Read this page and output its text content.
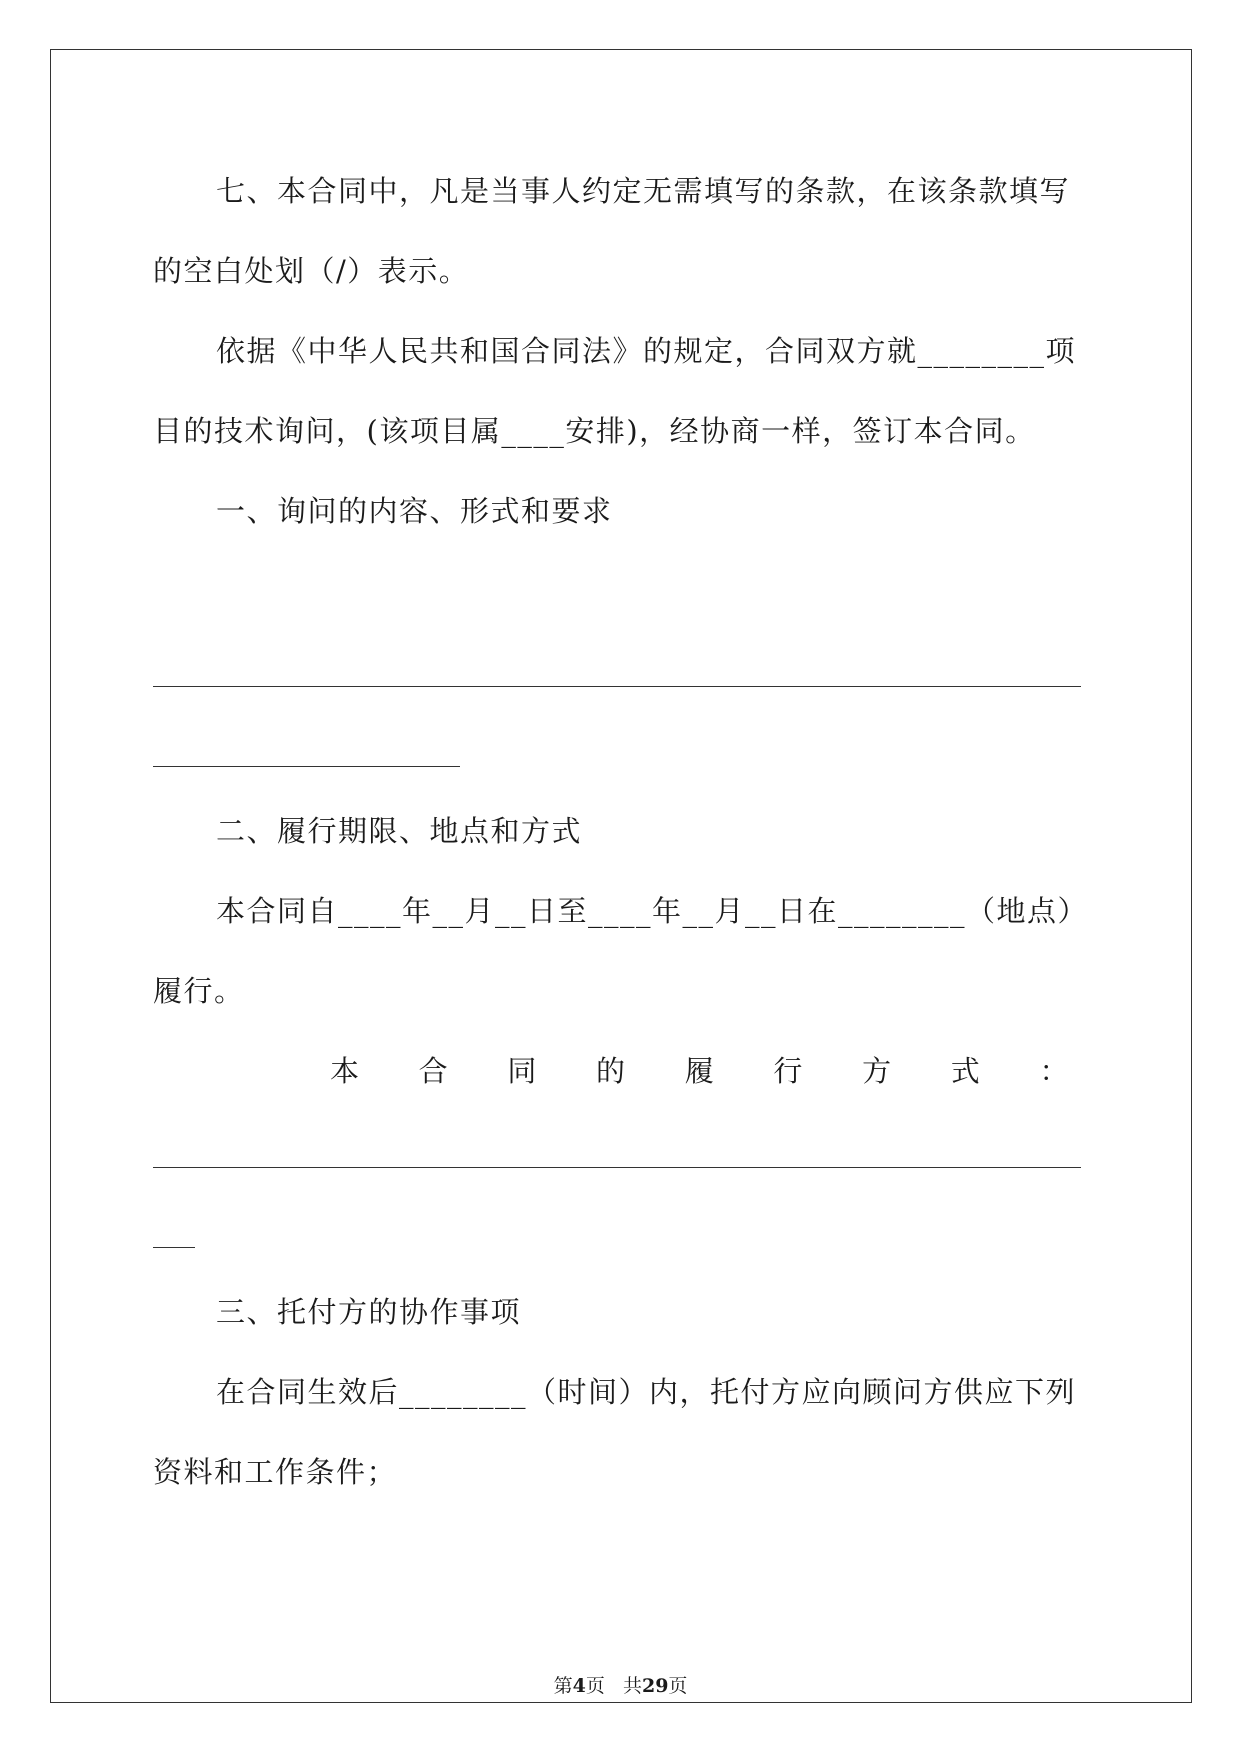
七、本合同中，凡是当事人约定无需填写的条款，在该条款填写
的空白处划（/）表示。
依据《中华人民共和国合同法》的规定，合同双方就________项
目的技术询问，(该项目属____安排)，经协商一样，签订本合同。
一、询问的内容、形式和要求
二、履行期限、地点和方式
本合同自____年__月__日至____年__月__日在________（地点）
履行。
本合同的履行方式：
三、托付方的协作事项
在合同生效后________（时间）内，托付方应向顾问方供应下列
资料和工作条件；
第4页 共29页
